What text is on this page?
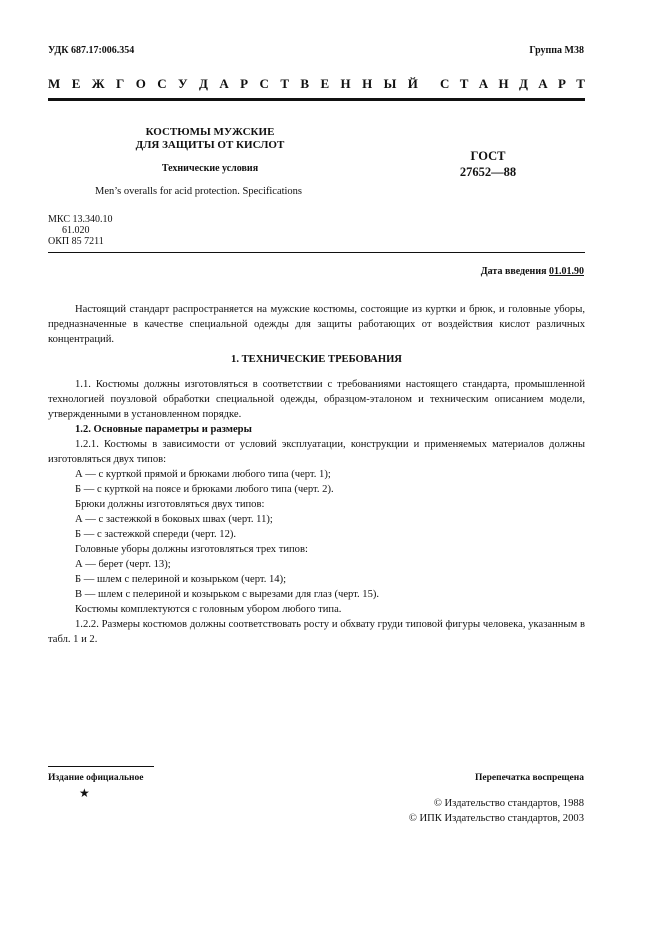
УДК 687.17:006.354	Группа М38
М Е Ж Г О С У Д А Р С Т В Е Н Н Ы Й С Т А Н Д А Р Т
КОСТЮМЫ МУЖСКИЕ
ДЛЯ ЗАЩИТЫ ОТ КИСЛОТ
Технические условия
Men’s overalls for acid protection. Specifications
ГОСТ
27652—88
МКС 13.340.10
61.020
ОКП 85 7211
Дата введения 01.01.90

Настоящий стандарт распространяется на мужские костюмы, состоящие из куртки и брюк, и головные уборы, предназначенные в качестве специальной одежды для защиты работающих от воздействия кислот различных концентраций.

1. ТЕХНИЧЕСКИЕ ТРЕБОВАНИЯ

1.1. Костюмы должны изготовляться в соответствии с требованиями настоящего стандарта, промышленной технологией поузловой обработки специальной одежды, образцом-эталоном и техническим описанием модели, утвержденными в установленном порядке.

1.2. Основные параметры и размеры

1.2.1. Костюмы в зависимости от условий эксплуатации, конструкции и применяемых материалов должны изготовляться двух типов:

А — с курткой прямой и брюками любого типа (черт. 1);

Б — с курткой на поясе и брюками любого типа (черт. 2).

Брюки должны изготовляться двух типов:

А — с застежкой в боковых швах (черт. 11);

Б — с застежкой спереди (черт. 12).

Головные уборы должны изготовляться трех типов:

А — берет (черт. 13);

Б — шлем с пелериной и козырьком (черт. 14);

В — шлем с пелериной и козырьком с вырезами для глаз (черт. 15).

Костюмы комплектуются с головным убором любого типа.

1.2.2. Размеры костюмов должны соответствовать росту и обхвату груди типовой фигуры человека, указанным в табл. 1 и 2.

Издание официальное	Перепечатка воспрещена
★
© Издательство стандартов, 1988
© ИПК Издательство стандартов, 2003
